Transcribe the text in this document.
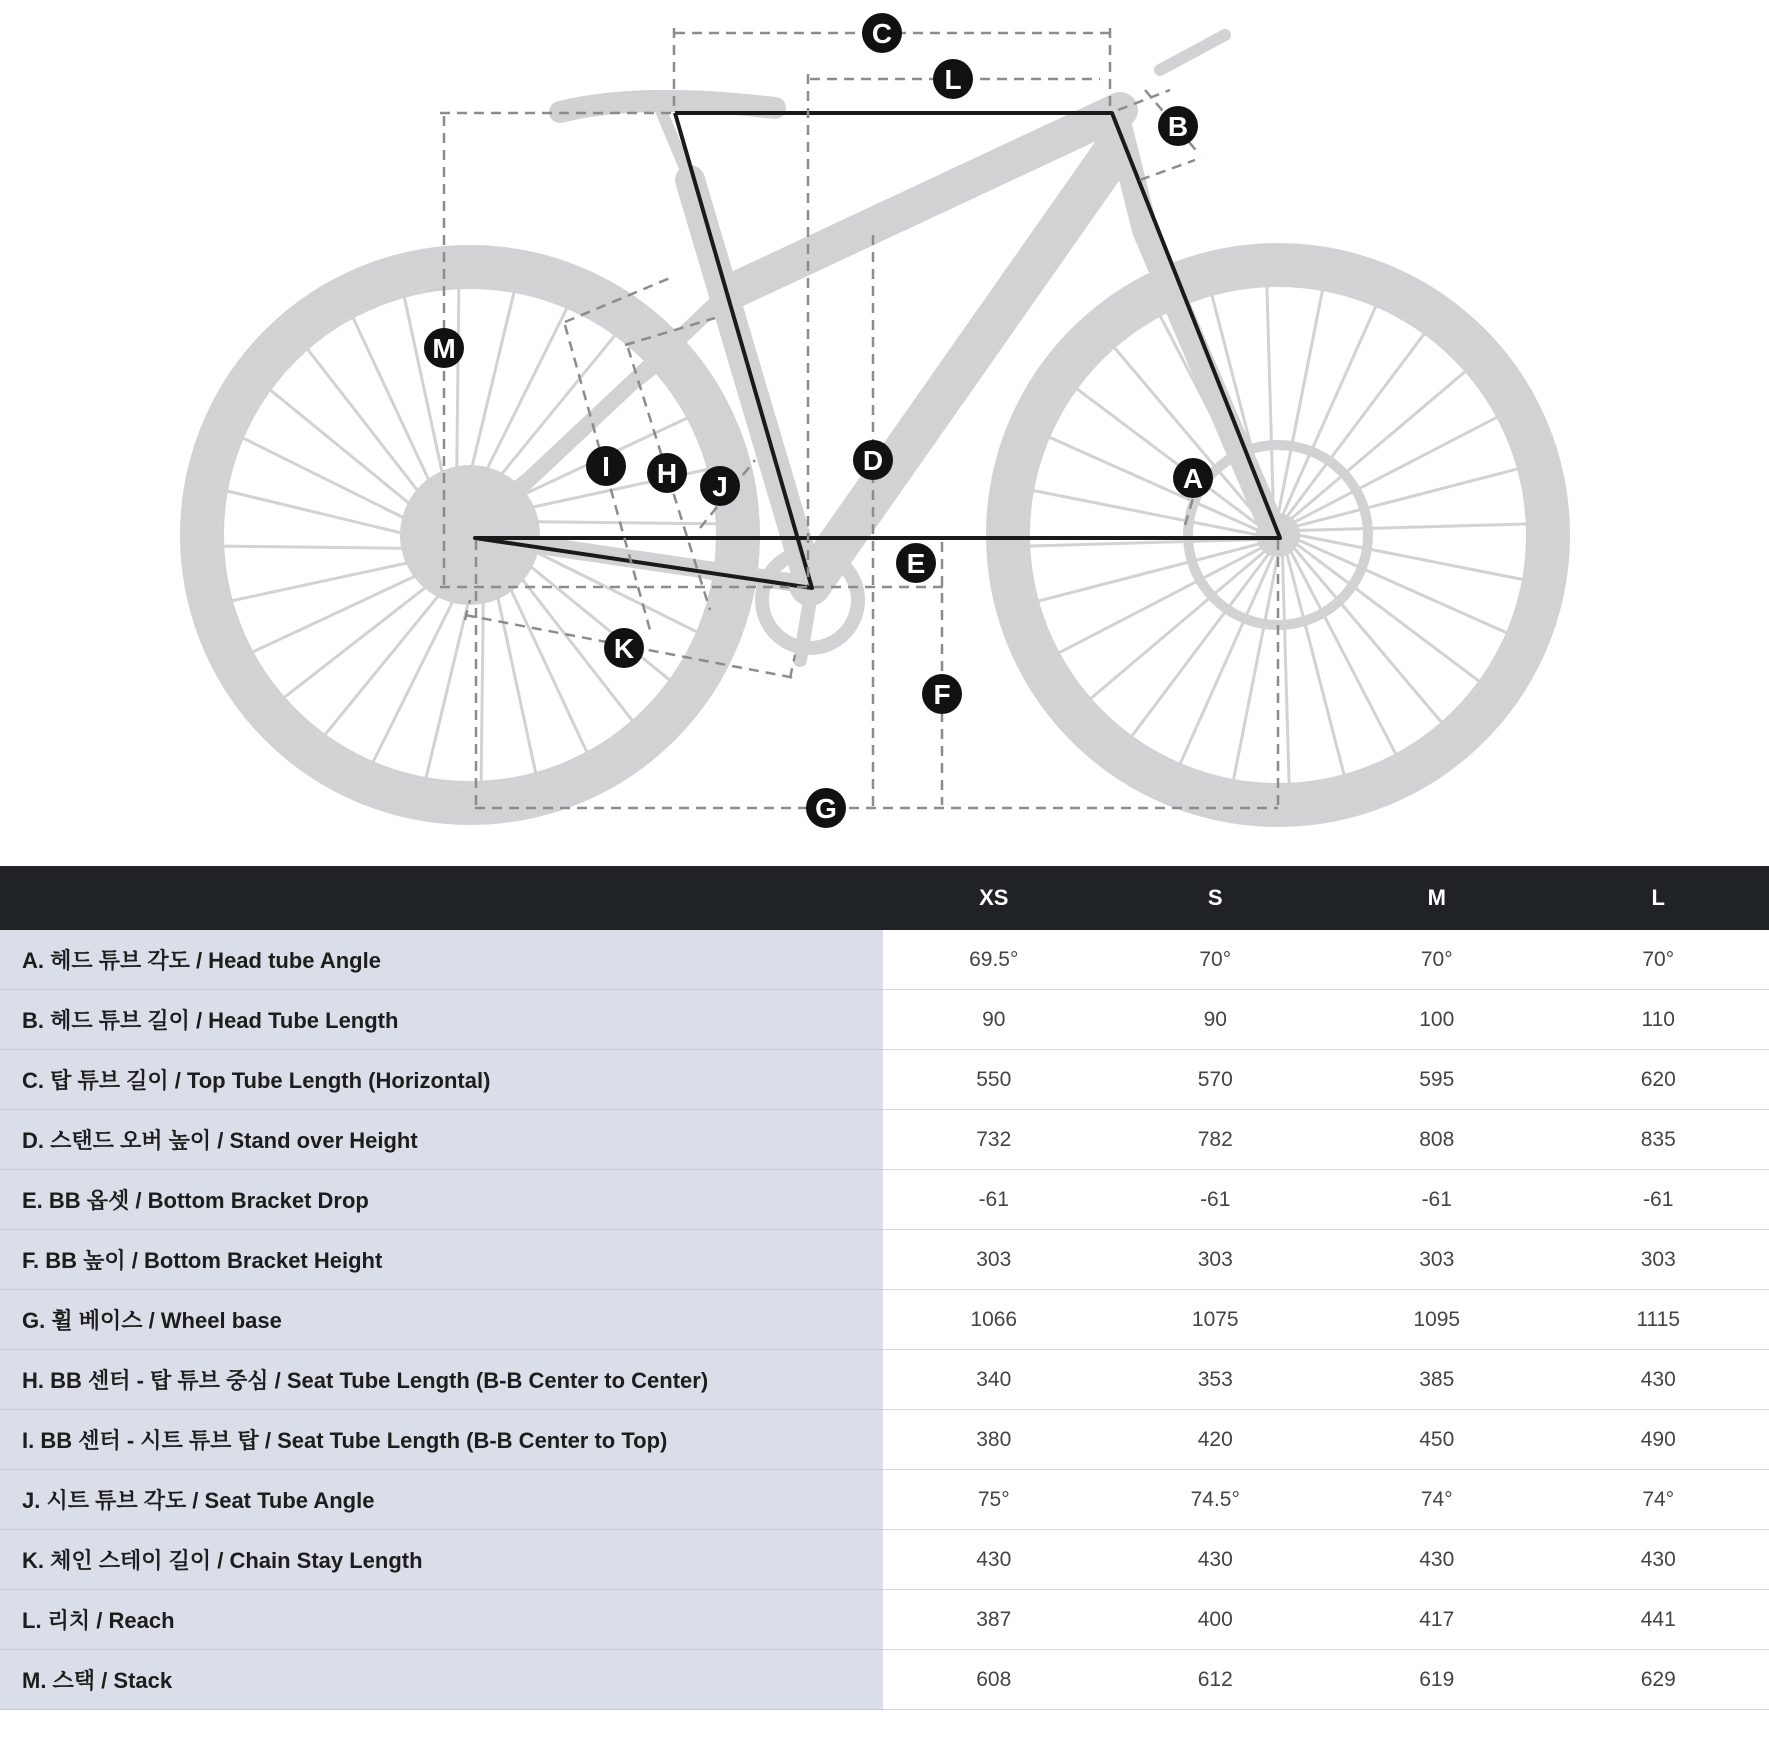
A
B
C
D
E
F
G
H
I
J
K
L
M
	XS	S	M	L
A. 헤드 튜브 각도 / Head tube Angle	69.5°	70°	70°	70°
B. 헤드 튜브 길이 / Head Tube Length	90	90	100	110
C. 탑 튜브 길이 / Top Tube Length (Horizontal)	550	570	595	620
D. 스탠드 오버 높이 / Stand over Height	732	782	808	835
E. BB 옵셋 / Bottom Bracket Drop	-61	-61	-61	-61
F. BB 높이 / Bottom Bracket Height	303	303	303	303
G. 휠 베이스 / Wheel base	1066	1075	1095	1115
H. BB 센터 - 탑 튜브 중심 / Seat Tube Length (B-B Center to Center)	340	353	385	430
I. BB 센터 - 시트 튜브 탑 / Seat Tube Length (B-B Center to Top)	380	420	450	490
J. 시트 튜브 각도 / Seat Tube Angle	75°	74.5°	74°	74°
K. 체인 스테이 길이 / Chain Stay Length	430	430	430	430
L. 리치 / Reach	387	400	417	441
M. 스택 / Stack	608	612	619	629
